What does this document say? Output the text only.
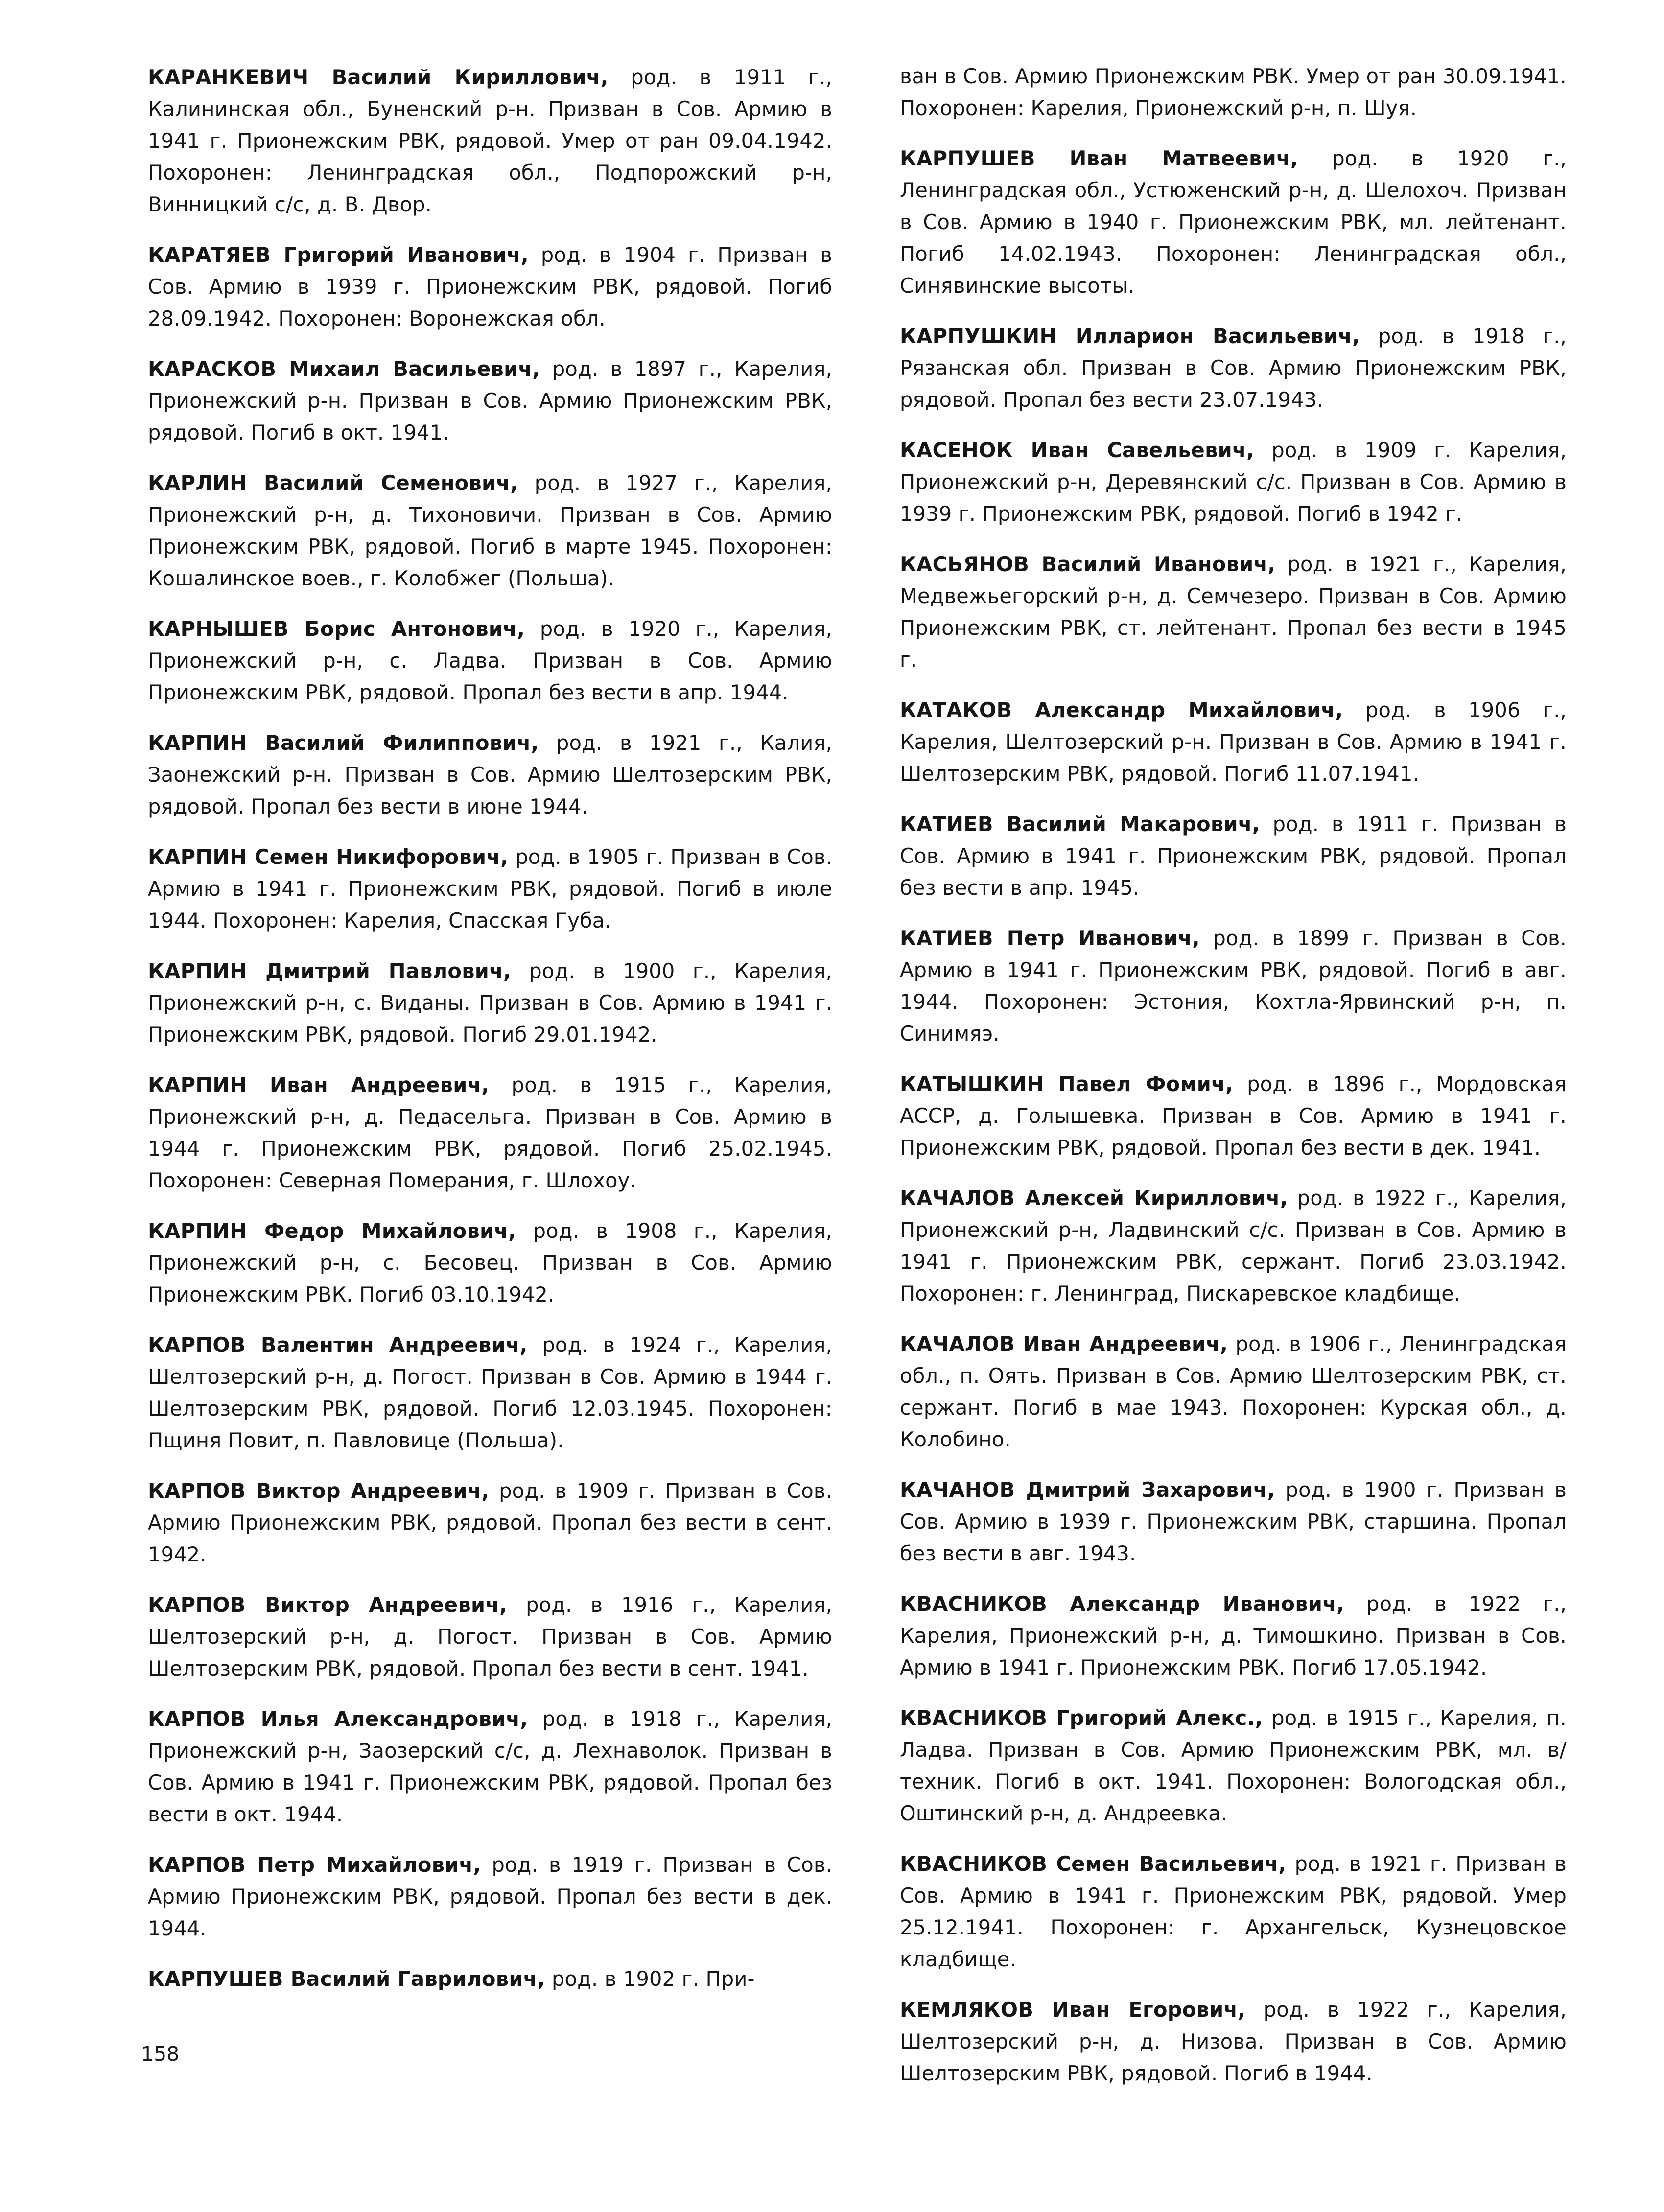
КАРАНКЕВИЧ Василий Кириллович, род. в 1911 г., Калининская обл., Буненский р-н. Призван в Сов. Армию в 1941 г. Прионежским РВК, рядовой. Умер от ран 09.04.1942. Похоронен: Ленинградская обл., Подпорожский р-н, Винницкий с/с, д. В. Двор.

КАРАТЯЕВ Григорий Иванович, род. в 1904 г. Призван в Сов. Армию в 1939 г. Прионежским РВК, рядовой. Погиб 28.09.1942. Похоронен: Воронежская обл.

КАРАСКОВ Михаил Васильевич, род. в 1897 г., Карелия, Прионежский р-н. Призван в Сов. Армию Прионежским РВК, рядовой. Погиб в окт. 1941.

КАРЛИН Василий Семенович, род. в 1927 г., Карелия, Прионежский р-н, д. Тихоновичи. Призван в Сов. Армию Прионежским РВК, рядовой. Погиб в марте 1945. Похоронен: Кошалинское воев., г. Колобжег (Польша).

КАРНЫШЕВ Борис Антонович, род. в 1920 г., Карелия, Прионежский р-н, с. Ладва. Призван в Сов. Армию Прионежским РВК, рядовой. Пропал без вести в апр. 1944.

КАРПИН Василий Филиппович, род. в 1921 г., Калия, Заонежский р-н. Призван в Сов. Армию Шелтозерским РВК, рядовой. Пропал без вести в июне 1944.

КАРПИН Семен Никифорович, род. в 1905 г. Призван в Сов. Армию в 1941 г. Прионежским РВК, рядовой. Погиб в июле 1944. Похоронен: Карелия, Спасская Губа.

КАРПИН Дмитрий Павлович, род. в 1900 г., Карелия, Прионежский р-н, с. Виданы. Призван в Сов. Армию в 1941 г. Прионежским РВК, рядовой. Погиб 29.01.1942.

КАРПИН Иван Андреевич, род. в 1915 г., Карелия, Прионежский р-н, д. Педасельга. Призван в Сов. Армию в 1944 г. Прионежским РВК, рядовой. Погиб 25.02.1945. Похоронен: Северная Померания, г. Шлохоу.

КАРПИН Федор Михайлович, род. в 1908 г., Карелия, Прионежский р-н, с. Бесовец. Призван в Сов. Армию Прионежским РВК. Погиб 03.10.1942.

КАРПОВ Валентин Андреевич, род. в 1924 г., Карелия, Шелтозерский р-н, д. Погост. Призван в Сов. Армию в 1944 г. Шелтозерским РВК, рядовой. Погиб 12.03.1945. Похоронен: Пщиня Повит, п. Павловице (Польша).

КАРПОВ Виктор Андреевич, род. в 1909 г. Призван в Сов. Армию Прионежским РВК, рядовой. Пропал без вести в сент. 1942.

КАРПОВ Виктор Андреевич, род. в 1916 г., Карелия, Шелтозерский р-н, д. Погост. Призван в Сов. Армию Шелтозерским РВК, рядовой. Пропал без вести в сент. 1941.

КАРПОВ Илья Александрович, род. в 1918 г., Карелия, Прионежский р-н, Заозерский с/с, д. Лехнаволок. Призван в Сов. Армию в 1941 г. Прионежским РВК, рядовой. Пропал без вести в окт. 1944.

КАРПОВ Петр Михайлович, род. в 1919 г. Призван в Сов. Армию Прионежским РВК, рядовой. Пропал без вести в дек. 1944.

КАРПУШЕВ Василий Гаврилович, род. в 1902 г. При-

ван в Сов. Армию Прионежским РВК. Умер от ран 30.09.1941. Похоронен: Карелия, Прионежский р-н, п. Шуя.

КАРПУШЕВ Иван Матвеевич, род. в 1920 г., Ленинградская обл., Устюженский р-н, д. Шелохоч. Призван в Сов. Армию в 1940 г. Прионежским РВК, мл. лейтенант. Погиб 14.02.1943. Похоронен: Ленинградская обл., Синявинские высоты.

КАРПУШКИН Илларион Васильевич, род. в 1918 г., Рязанская обл. Призван в Сов. Армию Прионежским РВК, рядовой. Пропал без вести 23.07.1943.

КАСЕНОК Иван Савельевич, род. в 1909 г. Карелия, Прионежский р-н, Деревянский с/с. Призван в Сов. Армию в 1939 г. Прионежским РВК, рядовой. Погиб в 1942 г.

КАСЬЯНОВ Василий Иванович, род. в 1921 г., Карелия, Медвежьегорский р-н, д. Семчезеро. Призван в Сов. Армию Прионежским РВК, ст. лейтенант. Пропал без вести в 1945 г.

КАТАКОВ Александр Михайлович, род. в 1906 г., Карелия, Шелтозерский р-н. Призван в Сов. Армию в 1941 г. Шелтозерским РВК, рядовой. Погиб 11.07.1941.

КАТИЕВ Василий Макарович, род. в 1911 г. Призван в Сов. Армию в 1941 г. Прионежским РВК, рядовой. Пропал без вести в апр. 1945.

КАТИЕВ Петр Иванович, род. в 1899 г. Призван в Сов. Армию в 1941 г. Прионежским РВК, рядовой. Погиб в авг. 1944. Похоронен: Эстония, Кохтла-Ярвинский р-н, п. Синимяэ.

КАТЫШКИН Павел Фомич, род. в 1896 г., Мордовская АССР, д. Голышевка. Призван в Сов. Армию в 1941 г. Прионежским РВК, рядовой. Пропал без вести в дек. 1941.

КАЧАЛОВ Алексей Кириллович, род. в 1922 г., Карелия, Прионежский р-н, Ладвинский с/с. Призван в Сов. Армию в 1941 г. Прионежским РВК, сержант. Погиб 23.03.1942. Похоронен: г. Ленинград, Пискаревское кладбище.

КАЧАЛОВ Иван Андреевич, род. в 1906 г., Ленинградская обл., п. Оять. Призван в Сов. Армию Шелтозерским РВК, ст. сержант. Погиб в мае 1943. Похоронен: Курская обл., д. Колобино.

КАЧАНОВ Дмитрий Захарович, род. в 1900 г. Призван в Сов. Армию в 1939 г. Прионежским РВК, старшина. Пропал без вести в авг. 1943.

КВАСНИКОВ Александр Иванович, род. в 1922 г., Карелия, Прионежский р-н, д. Тимошкино. Призван в Сов. Армию в 1941 г. Прионежским РВК. Погиб 17.05.1942.

КВАСНИКОВ Григорий Алекс., род. в 1915 г., Карелия, п. Ладва. Призван в Сов. Армию Прионежским РВК, мл. в/техник. Погиб в окт. 1941. Похоронен: Вологодская обл., Оштинский р-н, д. Андреевка.

КВАСНИКОВ Семен Васильевич, род. в 1921 г. Призван в Сов. Армию в 1941 г. Прионежским РВК, рядовой. Умер 25.12.1941. Похоронен: г. Архангельск, Кузнецовское кладбище.

КЕМЛЯКОВ Иван Егорович, род. в 1922 г., Карелия, Шелтозерский р-н, д. Низова. Призван в Сов. Армию Шелтозерским РВК, рядовой. Погиб в 1944.

158
